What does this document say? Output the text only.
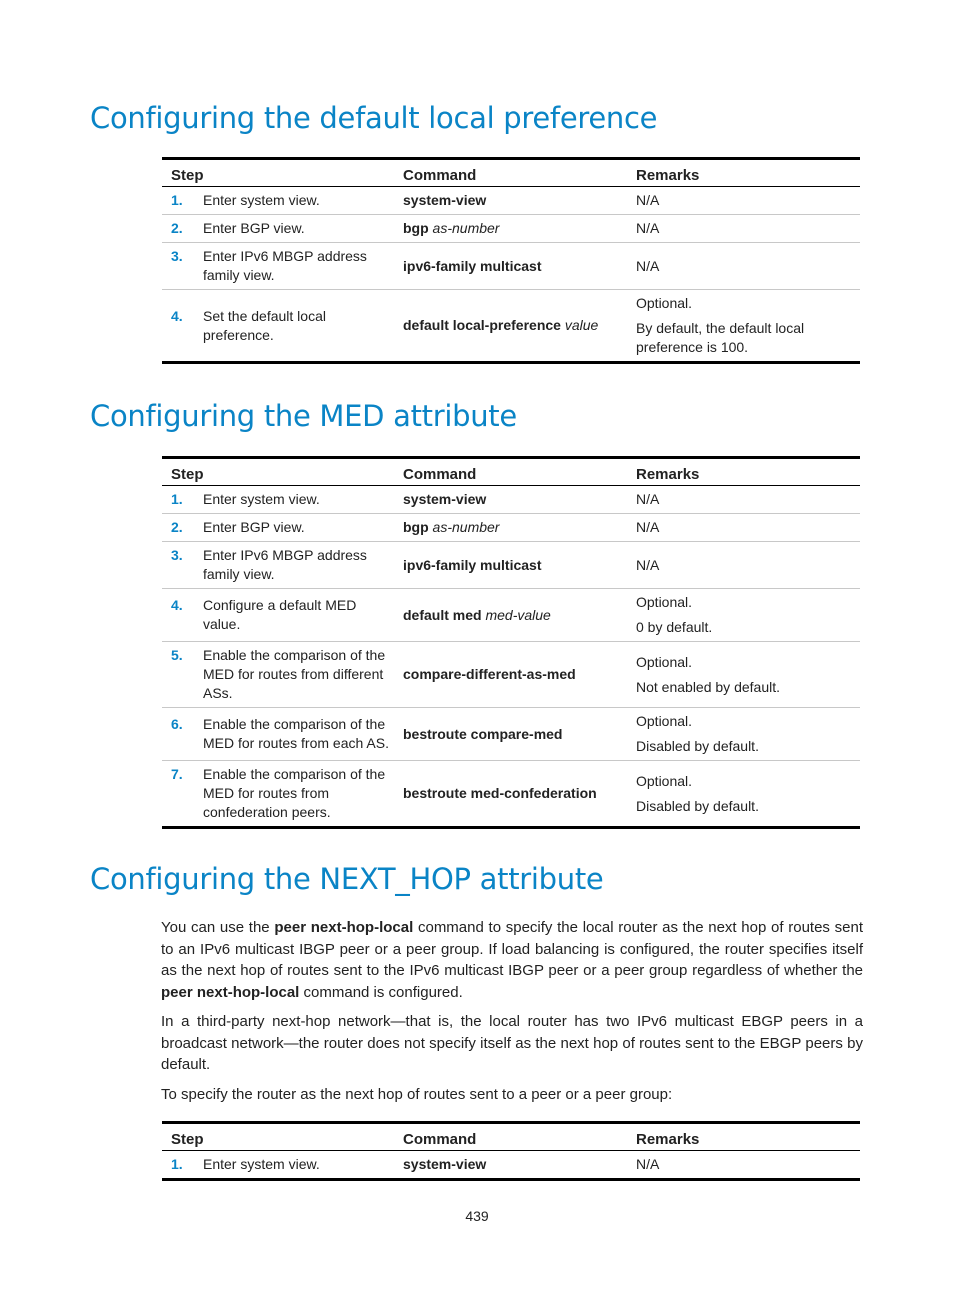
Configuring the default local preference
Step	Command	Remarks
1. Enter system view.	system-view	N/A

2. Enter BGP view.	bgp as-number	N/A

3. Enter IPv6 MBGP address family view.	ipv6-family multicast	N/A

4. Set the default local preference.	default local-preference value	Optional.

By default, the default local preference is 100.

Configuring the MED attribute
Step	Command	Remarks
1. Enter system view.	system-view	N/A

2. Enter BGP view.	bgp as-number	N/A

3. Enter IPv6 MBGP address family view.	ipv6-family multicast	N/A

4. Configure a default MED value.	default med med-value	Optional.

0 by default.

5. Enable the comparison of the MED for routes from different ASs.	compare-different-as-med	Optional.

Not enabled by default.

6. Enable the comparison of the MED for routes from each AS.	bestroute compare-med	Optional.

Disabled by default.

7. Enable the comparison of the MED for routes from confederation peers.	bestroute med-confederation	Optional.

Disabled by default.

Configuring the NEXT_HOP attribute

You can use the peer next-hop-local command to specify the local router as the next hop of routes sent to an IPv6 multicast IBGP peer or a peer group. If load balancing is configured, the router specifies itself as the next hop of routes sent to the IPv6 multicast IBGP peer or a peer group regardless of whether the peer next-hop-local command is configured.

In a third-party next-hop network—that is, the local router has two IPv6 multicast EBGP peers in a broadcast network—the router does not specify itself as the next hop of routes sent to the EBGP peers by default.

To specify the router as the next hop of routes sent to a peer or a peer group:

Step	Command	Remarks
1. Enter system view.	system-view	N/A

439
